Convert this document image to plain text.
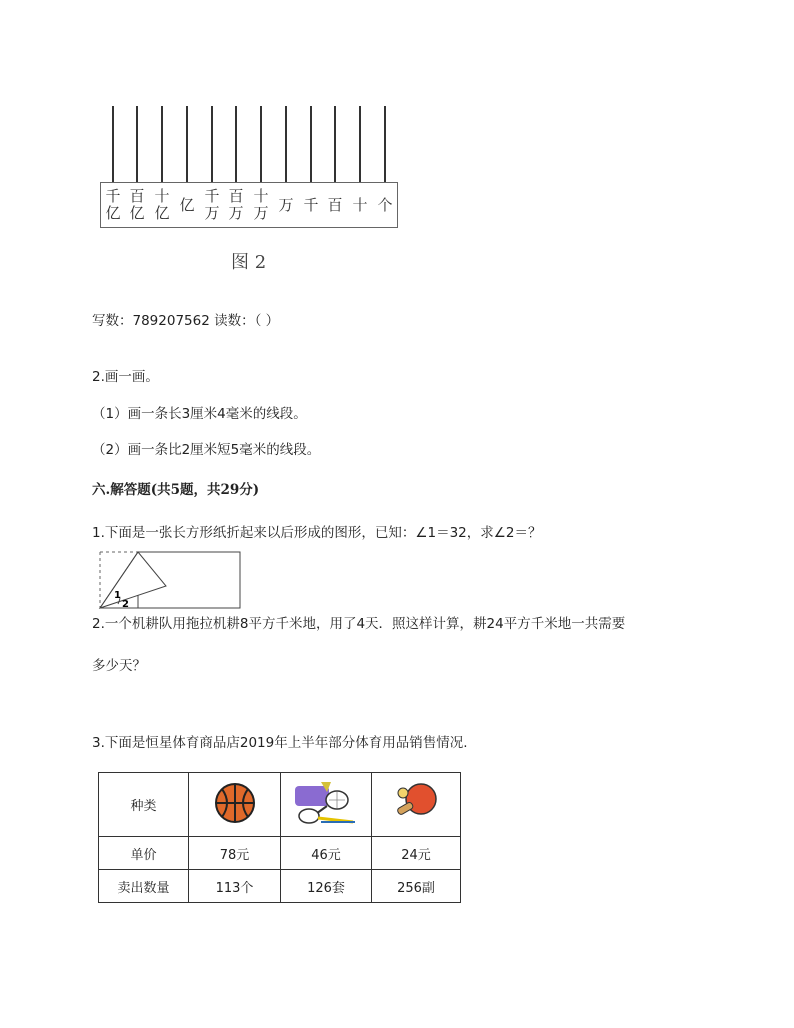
千
亿
百
亿
十
亿 亿 千
万
百
万
十
万 万 千 百 十 个
图 2
写数：789207562 读数：（ ）
2.画一画。
（1）画一条长3厘米4毫米的线段。
（2）画一条比2厘米短5毫米的线段。
六.解答题(共5题，共29分)
1.下面是一张长方形纸折起来以后形成的图形，已知：∠1＝32，求∠2＝？
1
2
2.一个机耕队用拖拉机耕8平方千米地，用了4天．照这样计算，耕24平方千米地一共需要
多少天？
3.下面是恒星体育商品店2019年上半年部分体育用品销售情况.
种类			
单价	78元	46元	24元
卖出数量	113个	126套	256副
